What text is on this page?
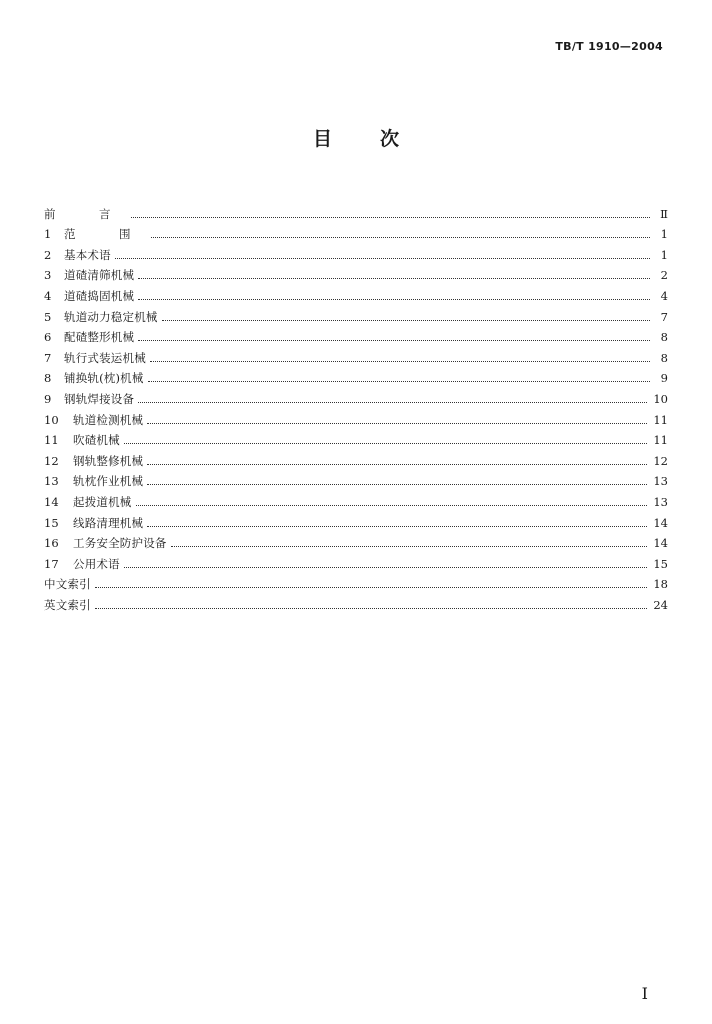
TB/T 1910—2004
目	次
前　言	Ⅱ
1	范　围	1
2	基本术语	1
3	道碴清筛机械	2
4	道碴捣固机械	4
5	轨道动力稳定机械	7
6	配碴整形机械	8
7	轨行式装运机械	8
8	铺换轨(枕)机械	9
9	钢轨焊接设备	10
10	轨道检测机械	11
11	吹碴机械	11
12	钢轨整修机械	12
13	轨枕作业机械	13
14	起拨道机械	13
15	线路清理机械	14
16	工务安全防护设备	14
17	公用术语	15
中文索引	18
英文索引	24
I
